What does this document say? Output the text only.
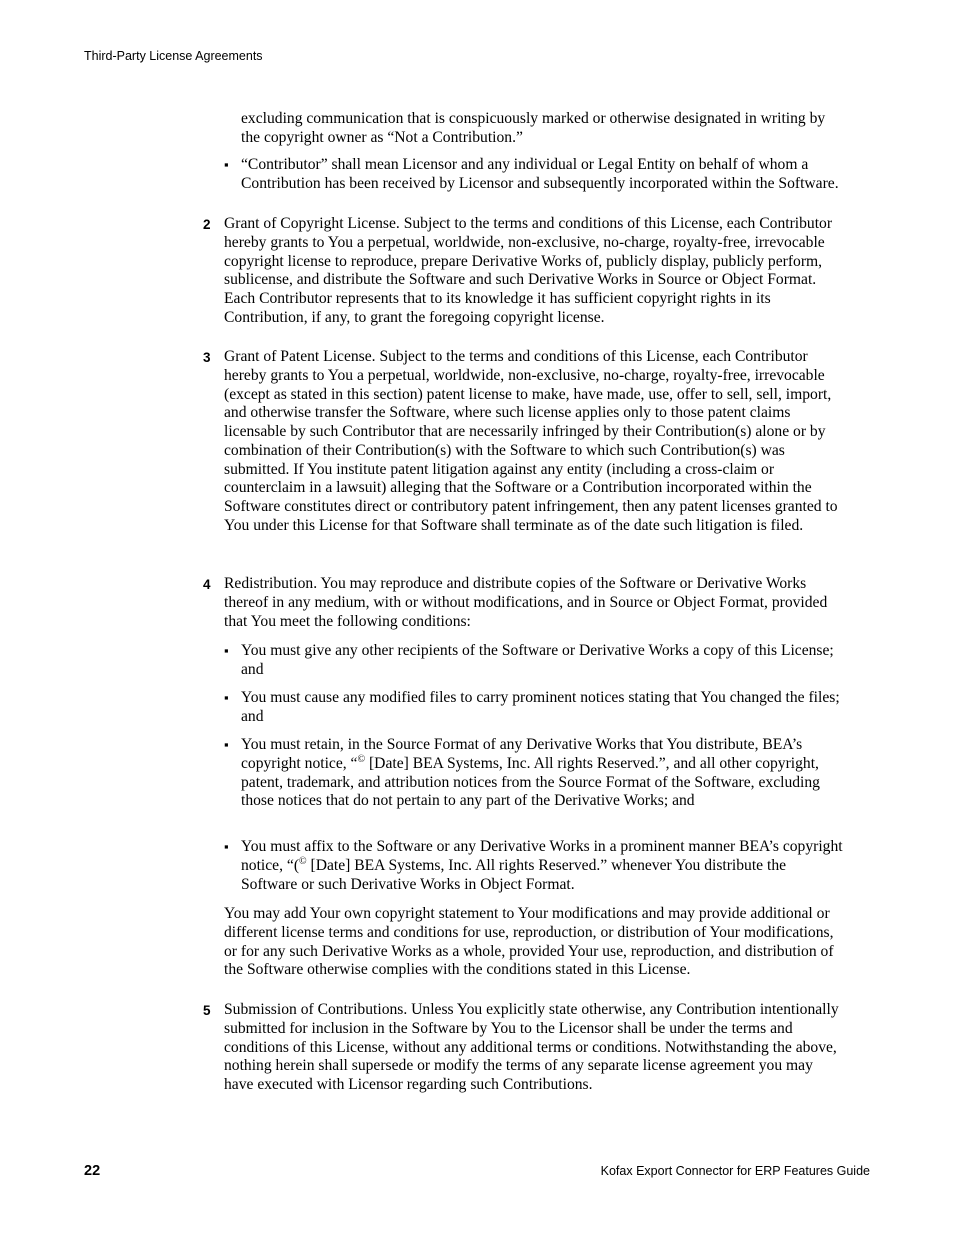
Third-Party License Agreements
excluding communication that is conspicuously marked or otherwise designated in writing by the copyright owner as “Not a Contribution.”
▪ “Contributor” shall mean Licensor and any individual or Legal Entity on behalf of whom a Contribution has been received by Licensor and subsequently incorporated within the Software.
2 Grant of Copyright License. Subject to the terms and conditions of this License, each Contributor hereby grants to You a perpetual, worldwide, non-exclusive, no-charge, royalty-free, irrevocable copyright license to reproduce, prepare Derivative Works of, publicly display, publicly perform, sublicense, and distribute the Software and such Derivative Works in Source or Object Format. Each Contributor represents that to its knowledge it has sufficient copyright rights in its Contribution, if any, to grant the foregoing copyright license.
3 Grant of Patent License. Subject to the terms and conditions of this License, each Contributor hereby grants to You a perpetual, worldwide, non-exclusive, no-charge, royalty-free, irrevocable (except as stated in this section) patent license to make, have made, use, offer to sell, sell, import, and otherwise transfer the Software, where such license applies only to those patent claims licensable by such Contributor that are necessarily infringed by their Contribution(s) alone or by combination of their Contribution(s) with the Software to which such Contribution(s) was submitted. If You institute patent litigation against any entity (including a cross-claim or counterclaim in a lawsuit) alleging that the Software or a Contribution incorporated within the Software constitutes direct or contributory patent infringement, then any patent licenses granted to You under this License for that Software shall terminate as of the date such litigation is filed.
4 Redistribution. You may reproduce and distribute copies of the Software or Derivative Works thereof in any medium, with or without modifications, and in Source or Object Format, provided that You meet the following conditions:
▪ You must give any other recipients of the Software or Derivative Works a copy of this License; and
▪ You must cause any modified files to carry prominent notices stating that You changed the files; and
▪ You must retain, in the Source Format of any Derivative Works that You distribute, BEA’s copyright notice, “© [Date] BEA Systems, Inc. All rights Reserved.”, and all other copyright, patent, trademark, and attribution notices from the Source Format of the Software, excluding those notices that do not pertain to any part of the Derivative Works; and
▪ You must affix to the Software or any Derivative Works in a prominent manner BEA’s copyright notice, “(© [Date] BEA Systems, Inc. All rights Reserved.” whenever You distribute the Software or such Derivative Works in Object Format.
You may add Your own copyright statement to Your modifications and may provide additional or different license terms and conditions for use, reproduction, or distribution of Your modifications, or for any such Derivative Works as a whole, provided Your use, reproduction, and distribution of the Software otherwise complies with the conditions stated in this License.
5 Submission of Contributions. Unless You explicitly state otherwise, any Contribution intentionally submitted for inclusion in the Software by You to the Licensor shall be under the terms and conditions of this License, without any additional terms or conditions. Notwithstanding the above, nothing herein shall supersede or modify the terms of any separate license agreement you may have executed with Licensor regarding such Contributions.
22	Kofax Export Connector for ERP Features Guide
